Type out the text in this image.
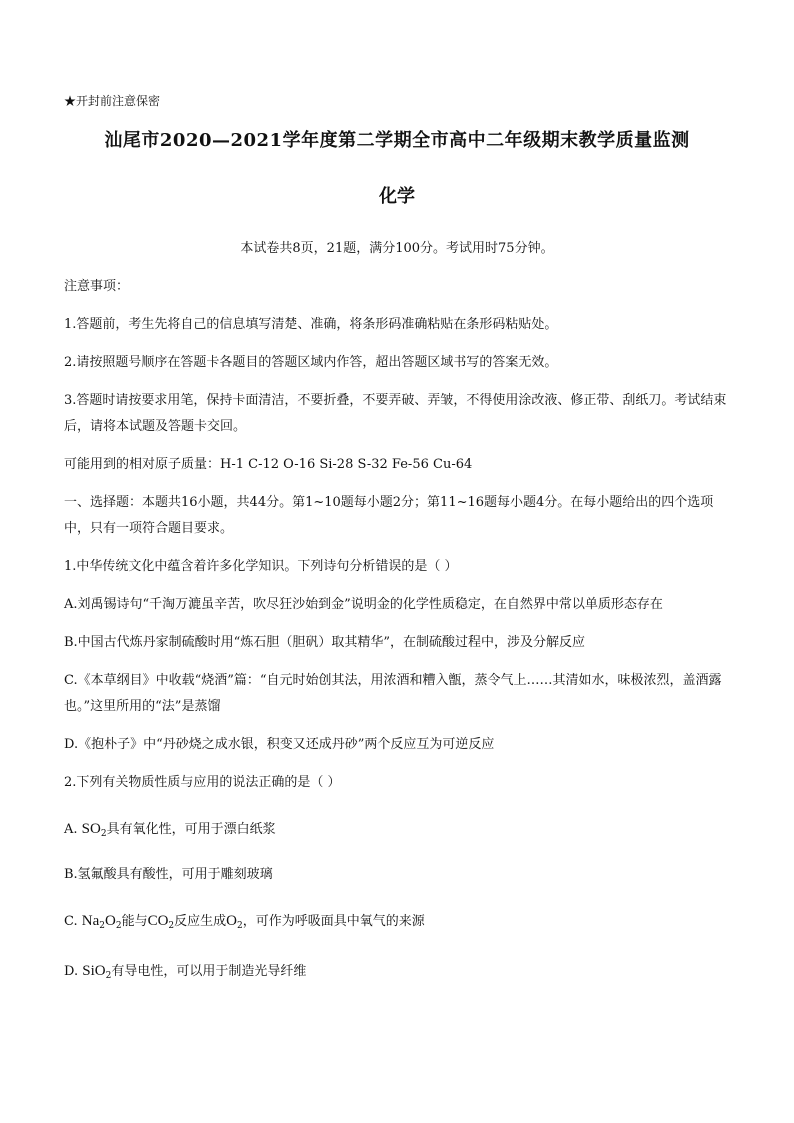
★开封前注意保密
汕尾市2020—2021学年度第二学期全市高中二年级期末教学质量监测
化学
本试卷共8页，21题，满分100分。考试用时75分钟。
注意事项：
1.答题前，考生先将自己的信息填写清楚、准确，将条形码准确粘贴在条形码粘贴处。
2.请按照题号顺序在答题卡各题目的答题区域内作答，超出答题区域书写的答案无效。
3.答题时请按要求用笔，保持卡面清洁，不要折叠，不要弄破、弄皱，不得使用涂改液、修正带、刮纸刀。考试结束后，请将本试题及答题卡交回。
可能用到的相对原子质量：H-1 C-12 O-16 Si-28 S-32 Fe-56 Cu-64
一、选择题：本题共16小题，共44分。第1~10题每小题2分；第11~16题每小题4分。在每小题给出的四个选项中，只有一项符合题目要求。
1.中华传统文化中蕴含着许多化学知识。下列诗句分析错误的是（ ）
A.刘禹锡诗句“千淘万漉虽辛苦，吹尽狂沙始到金”说明金的化学性质稳定，在自然界中常以单质形态存在
B.中国古代炼丹家制硫酸时用“炼石胆（胆矾）取其精华”，在制硫酸过程中，涉及分解反应
C.《本草纲目》中收载“烧酒”篇：“自元时始创其法，用浓酒和糟入甑，蒸令气上……其清如水，味极浓烈，盖酒露也。”这里所用的“法”是蒸馏
D.《抱朴子》中“丹砂烧之成水银，积变又还成丹砂”两个反应互为可逆反应
2.下列有关物质性质与应用的说法正确的是（ ）
A. $SO_2$具有氧化性，可用于漂白纸浆
B.氢氟酸具有酸性，可用于雕刻玻璃
C. $Na_2O_2$能与$CO_2$反应生成$O_2$，可作为呼吸面具中氧气的来源
D. SiO$_2$有导电性，可以用于制造光导纤维
